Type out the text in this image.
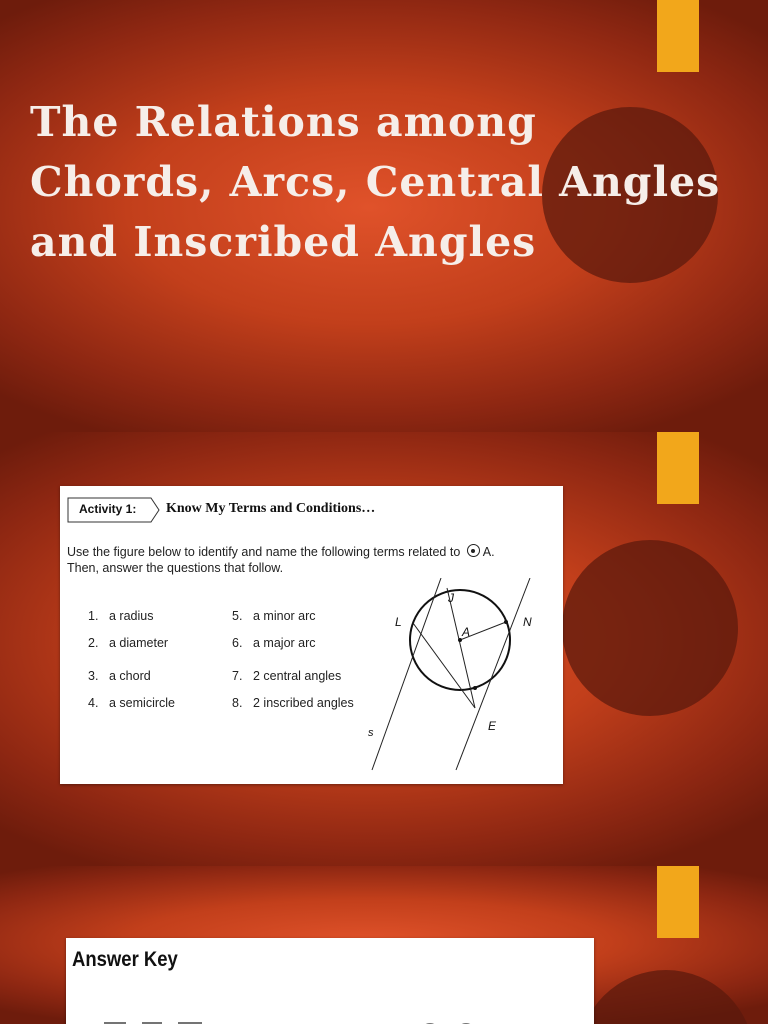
The Relations among
Chords, Arcs, Central Angles
and Inscribed Angles
Activity 1: Know My Terms and Conditions…
Use the figure below to identify and name the following terms related to A.
Then, answer the questions that follow.
1. a radius
2. a diameter
3. a chord
4. a semicircle
5. a minor arc
6. a major arc
7. 2 central angles
8. 2 inscribed angles
J
L	N
A
E
s
Answer Key
